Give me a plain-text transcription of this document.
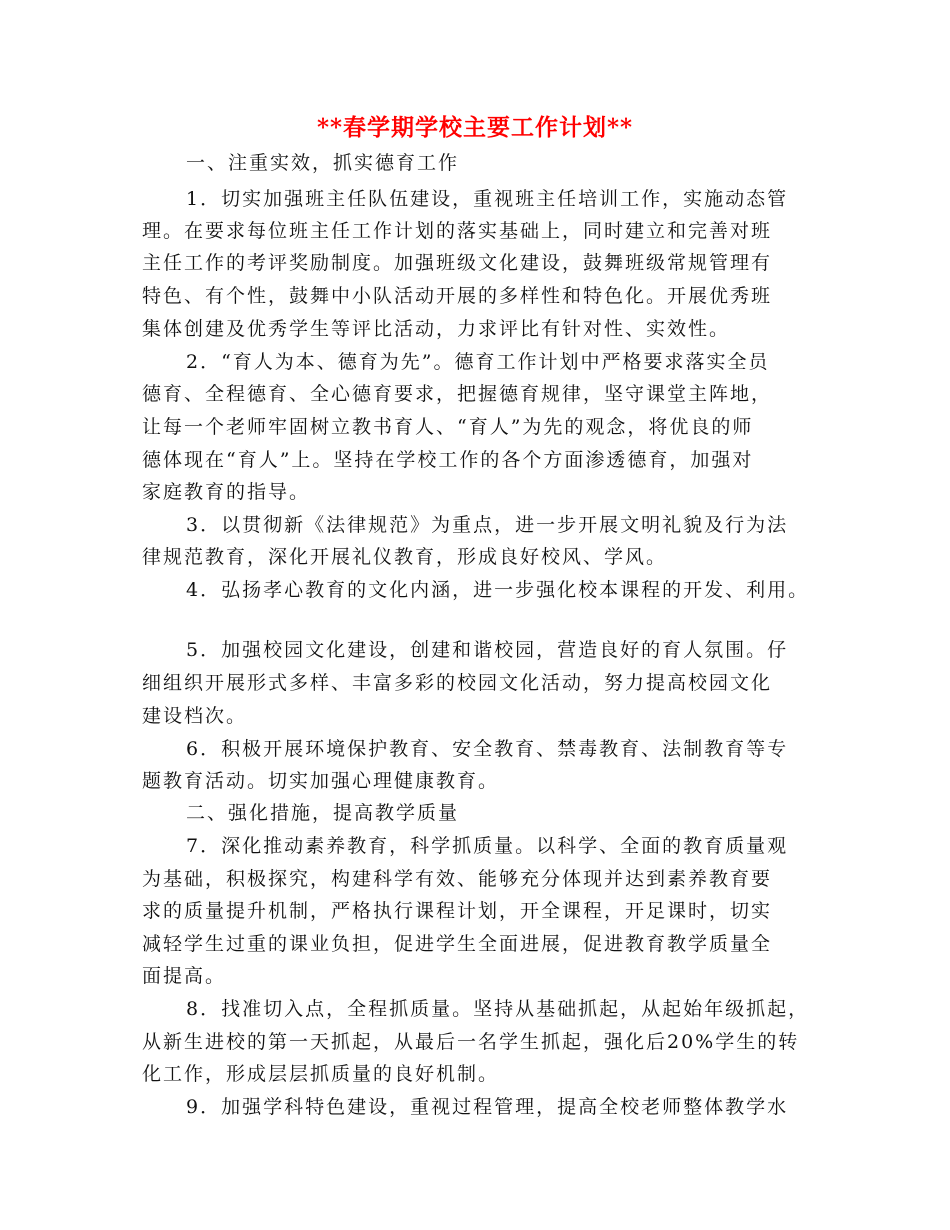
**春学期学校主要工作计划**
一、注重实效，抓实德育工作
1．切实加强班主任队伍建设，重视班主任培训工作，实施动态管
理。在要求每位班主任工作计划的落实基础上，同时建立和完善对班
主任工作的考评奖励制度。加强班级文化建设，鼓舞班级常规管理有
特色、有个性，鼓舞中小队活动开展的多样性和特色化。开展优秀班
集体创建及优秀学生等评比活动，力求评比有针对性、实效性。
2．“育人为本、德育为先”。德育工作计划中严格要求落实全员
德育、全程德育、全心德育要求，把握德育规律，坚守课堂主阵地，
让每一个老师牢固树立教书育人、“育人”为先的观念，将优良的师
德体现在“育人”上。坚持在学校工作的各个方面渗透德育，加强对
家庭教育的指导。
3．以贯彻新《法律规范》为重点，进一步开展文明礼貌及行为法
律规范教育，深化开展礼仪教育，形成良好校风、学风。
4．弘扬孝心教育的文化内涵，进一步强化校本课程的开发、利用。
5．加强校园文化建设，创建和谐校园，营造良好的育人氛围。仔
细组织开展形式多样、丰富多彩的校园文化活动，努力提高校园文化
建设档次。
6．积极开展环境保护教育、安全教育、禁毒教育、法制教育等专
题教育活动。切实加强心理健康教育。
二、强化措施，提高教学质量
7．深化推动素养教育，科学抓质量。以科学、全面的教育质量观
为基础，积极探究，构建科学有效、能够充分体现并达到素养教育要
求的质量提升机制，严格执行课程计划，开全课程，开足课时，切实
减轻学生过重的课业负担，促进学生全面进展，促进教育教学质量全
面提高。
8．找准切入点，全程抓质量。坚持从基础抓起，从起始年级抓起，
从新生进校的第一天抓起，从最后一名学生抓起，强化后20%学生的转
化工作，形成层层抓质量的良好机制。
9．加强学科特色建设，重视过程管理，提高全校老师整体教学水
